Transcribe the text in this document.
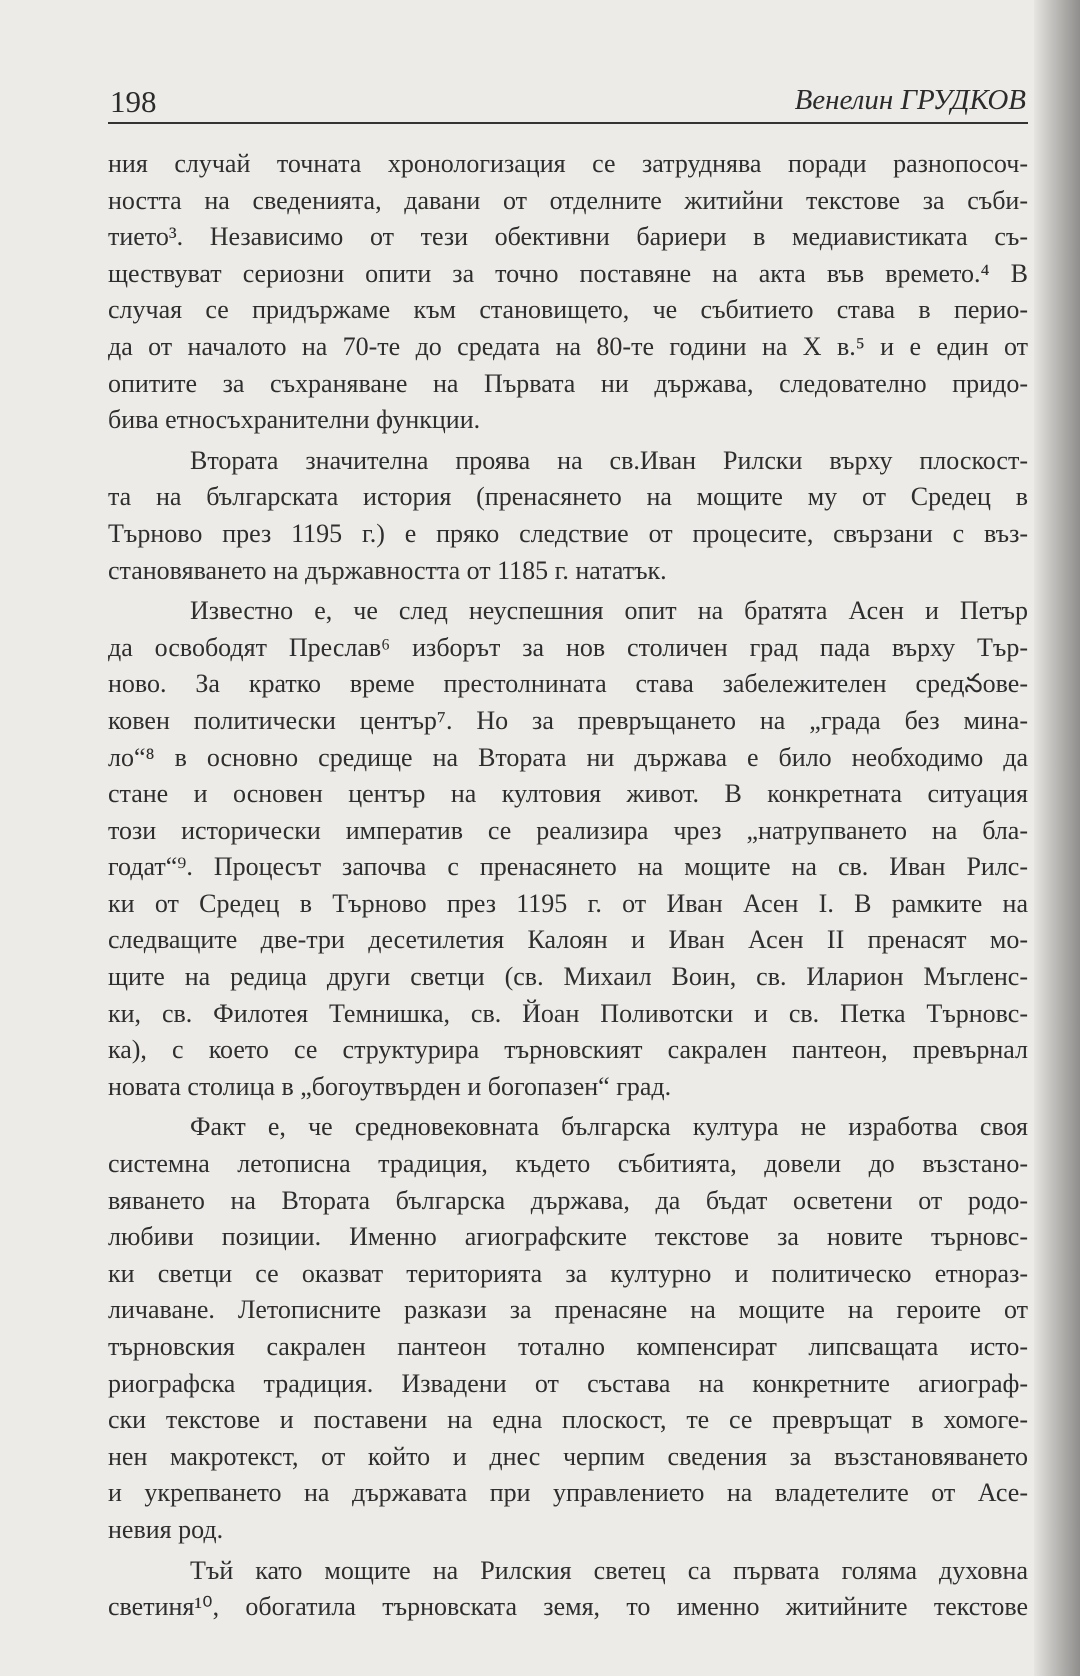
198	Венелин ГРУДКОВ
ния случай точната хронологизация се затруднява поради разнопосоч-
ността на сведенията, давани от отделните житийни текстове за съби-
тието³. Независимо от тези обективни бариери в медиавистиката съ-
ществуват сериозни опити за точно поставяне на акта във времето.⁴ В
случая се придържаме към становището, че събитието става в перио-
да от началото на 70-те до средата на 80-те години на X в.⁵ и е един от
опитите за съхраняване на Първата ни държава, следователно придо-
бива етносъхранителни функции.
Втората значителна проява на св.Иван Рилски върху плоскост-
та на българската история (пренасянето на мощите му от Средец в
Търново през 1195 г.) е пряко следствие от процесите, свързани с въз-
становяването на държавността от 1185 г. нататък.
Известно е, че след неуспешния опит на братята Асен и Петър
да освободят Преслав⁶ изборът за нов столичен град пада върху Тър-
ново. За кратко време престолнината става забележителен средనове-
ковен политически център⁷. Но за превръщането на „града без мина-
ло“⁸ в основно средище на Втората ни държава е било необходимо да
стане и основен център на култовия живот. В конкретната ситуация
този исторически императив се реализира чрез „натрупването на бла-
годат“⁹. Процесът започва с пренасянето на мощите на св. Иван Рилс-
ки от Средец в Търново през 1195 г. от Иван Асен I. В рамките на
следващите две-три десетилетия Калоян и Иван Асен II пренасят мо-
щите на редица други светци (св. Михаил Воин, св. Иларион Мъгленс-
ки, св. Филотея Темнишка, св. Йоан Поливотски и св. Петка Търновс-
ка), с което се структурира търновският сакрален пантеон, превърнал
новата столица в „богоутвърден и богопазен“ град.
Факт е, че средновековната българска култура не изработва своя
системна летописна традиция, където събитията, довели до възстано-
вяването на Втората българска държава, да бъдат осветени от родо-
любиви позиции. Именно агиографските текстове за новите търновс-
ки светци се оказват територията за културно и политическо етнораз-
личаване. Летописните разкази за пренасяне на мощите на героите от
търновския сакрален пантеон тотално компенсират липсващата исто-
риографска традиция. Извадени от състава на конкретните агиограф-
ски текстове и поставени на една плоскост, те се превръщат в хомоге-
нен макротекст, от който и днес черпим сведения за възстановяването
и укрепването на държавата при управлението на владетелите от Асе-
невия род.
Тъй като мощите на Рилския светец са първата голяма духовна
светиня¹⁰, обогатила търновската земя, то именно житийните текстове
